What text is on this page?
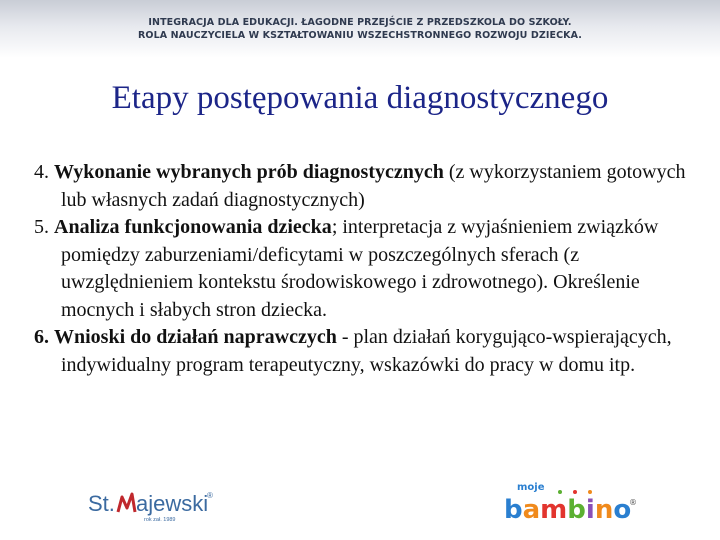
INTEGRACJA DLA EDUKACJI. ŁAGODNE PRZEJŚCIE Z PRZEDSZKOLA DO SZKOŁY.
ROLA NAUCZYCIELA W KSZTAŁTOWANIU WSZECHSTRONNEGO ROZWOJU DZIECKA.
Etapy postępowania diagnostycznego

4. Wykonanie wybranych prób diagnostycznych (z wykorzystaniem gotowych lub własnych zadań diagnostycznych)

5. Analiza funkcjonowania dziecka; interpretacja z wyjaśnieniem związków pomiędzy zaburzeniami/deficytami w poszczególnych sferach (z uwzględnieniem kontekstu środowiskowego i zdrowotnego). Określenie mocnych i słabych stron dziecka.

6. Wnioski do działań naprawczych - plan działań korygująco-wspierających, indywidualny program terapeutyczny, wskazówki do pracy w domu itp.

St. ajewski
®
rok zał. 1989
moje
bambino
®
